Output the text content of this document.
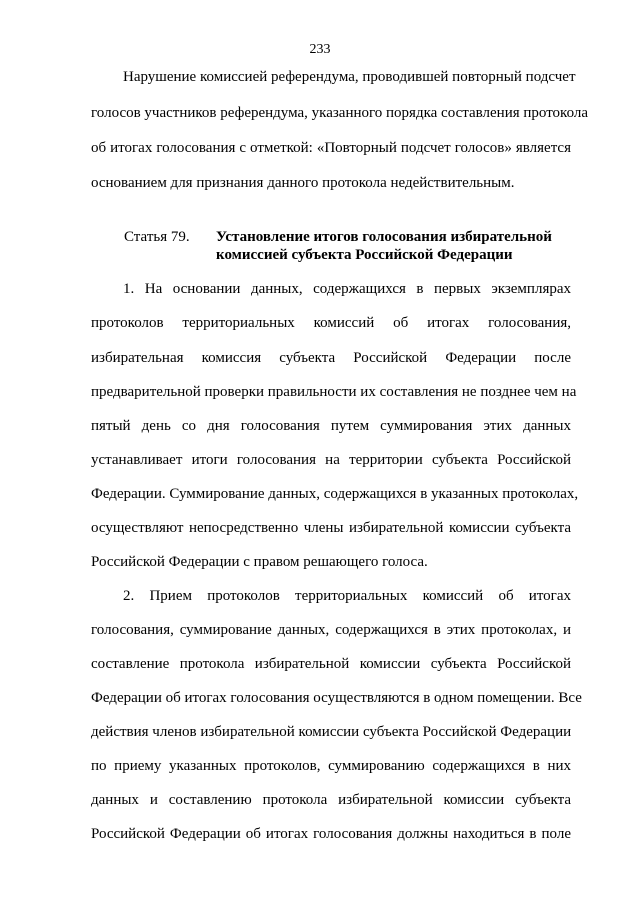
233
Нарушение комиссией референдума, проводившей повторный подсчет
голосов участников референдума, указанного порядка составления протокола
об итогах голосования с отметкой: «Повторный подсчет голосов» является
основанием для признания данного протокола недействительным.
Статья 79. Установление итогов голосования избирательной
комиссией субъекта Российской Федерации
1. На основании данных, содержащихся в первых экземплярах
протоколов территориальных комиссий об итогах голосования,
избирательная комиссия субъекта Российской Федерации после
предварительной проверки правильности их составления не позднее чем на
пятый день со дня голосования путем суммирования этих данных
устанавливает итоги голосования на территории субъекта Российской
Федерации. Суммирование данных, содержащихся в указанных протоколах,
осуществляют непосредственно члены избирательной комиссии субъекта
Российской Федерации с правом решающего голоса.
2. Прием протоколов территориальных комиссий об итогах
голосования, суммирование данных, содержащихся в этих протоколах, и
составление протокола избирательной комиссии субъекта Российской
Федерации об итогах голосования осуществляются в одном помещении. Все
действия членов избирательной комиссии субъекта Российской Федерации
по приему указанных протоколов, суммированию содержащихся в них
данных и составлению протокола избирательной комиссии субъекта
Российской Федерации об итогах голосования должны находиться в поле
